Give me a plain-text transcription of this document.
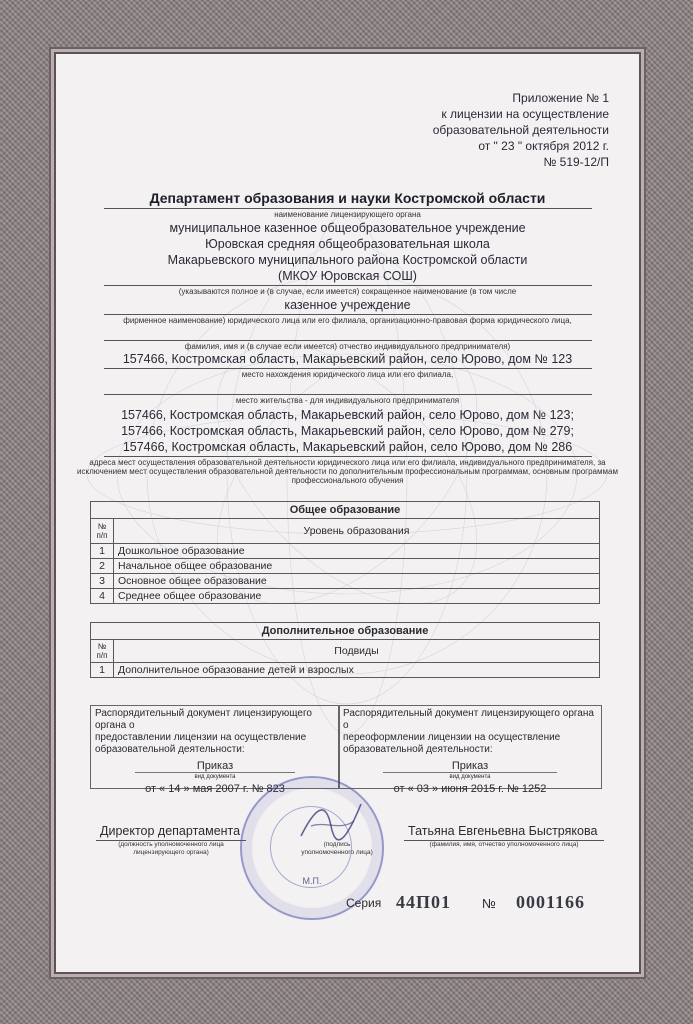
Приложение № 1
к лицензии на осуществление
образовательной деятельности
от " 23 " октября 2012 г.
№ 519-12/П
Департамент образования и науки Костромской области
наименование лицензирующего органа
муниципальное казенное общеобразовательное учреждение
Юровская средняя общеобразовательная школа
Макарьевского муниципального района Костромской области
(МКОУ Юровская СОШ)
(указываются полное и (в случае, если имеется) сокращенное наименование (в том числе
казенное учреждение
фирменное наименование) юридического лица или его филиала, организационно-правовая форма юридического лица,
фамилия, имя и (в случае если имеется) отчество индивидуального предпринимателя)
157466, Костромская область, Макарьевский район, село Юрово, дом № 123
место нахождения юридического лица или его филиала,
место жительства - для индивидуального предпринимателя
157466, Костромская область, Макарьевский район, село Юрово, дом № 123;
157466, Костромская область, Макарьевский район, село Юрово, дом № 279;
157466, Костромская область, Макарьевский район, село Юрово, дом № 286
адреса мест осуществления образовательной деятельности юридического лица или его филиала, индивидуального предпринимателя, за
исключением мест осуществления образовательной деятельности по дополнительным профессиональным программам, основным программам
профессионального обучения
Общее образование	
№
п/п	Уровень образования
1	Дошкольное образование
2	Начальное общее образование
3	Основное общее образование
4	Среднее общее образование
Дополнительное образование	
№
п/п	Подвиды
1	Дополнительное образование детей и взрослых
Распорядительный документ лицензирующего органа о
предоставлении лицензии на осуществление
образовательной деятельности:
Приказ
вид документа
от « 14 » мая 2007 г. № 823
Распорядительный документ лицензирующего органа о
переоформлении лицензии на осуществление
образовательной деятельности:
Приказ
вид документа
от « 03 » июня 2015 г. № 1252
Директор департамента
(должность уполномоченного лица
лицензирующего органа)
М.П.
(подпись
уполномоченного лица)
Татьяна Евгеньевна Быстрякова
(фамилия, имя, отчество уполномоченного лица)
Серия 44П01 № 0001166
